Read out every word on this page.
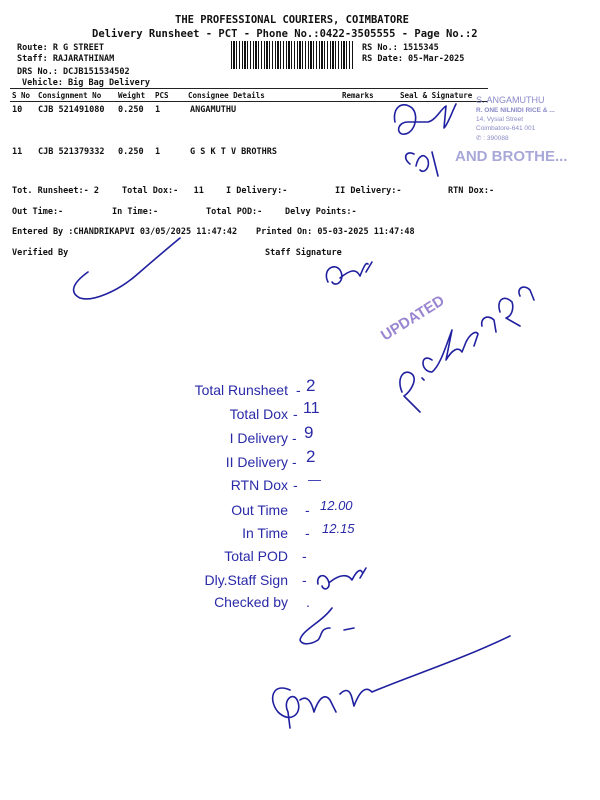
THE PROFESSIONAL COURIERS, COIMBATORE
Delivery Runsheet - PCT - Phone No.:0422-3505555 - Page No.:2
Route: R G STREET
Staff: RAJARATHINAM
DRS No.: DCJB151534502
Vehicle: Big Bag Delivery
RS No.: 1515345
RS Date: 05-Mar-2025
S No Consignment No Weight PCS	Consignee Details	Remarks	Seal & Signature
10 CJB 521491080 0.250 1	ANGAMUTHU
11 CJB 521379332 0.250 1	G S K T V BROTHRS
S. ANGAMUTHU
R. ONE NILNIDI RICE & ...
14, Vysial Street
Coimbatore-641 001
✆ : 390088
AND BROTHE...
Tot. Runsheet:- 2	Total Dox:-   11	I Delivery:-	II Delivery:-	RTN Dox:-
Out Time:-	In Time:-	Total POD:-	Delvy Points:-
Entered By :CHANDRIKAPVI 03/05/2025 11:47:42 Printed On: 05-03-2025 11:47:48
Verified By	Staff Signature
UPDATED
Total Runsheet - 2
Total Dox - 11
I Delivery - 9
II Delivery - 2
RTN Dox - —
Out Time - 12.00
In Time - 12.15
Total POD -
Dly.Staff Sign -
Checked by .
